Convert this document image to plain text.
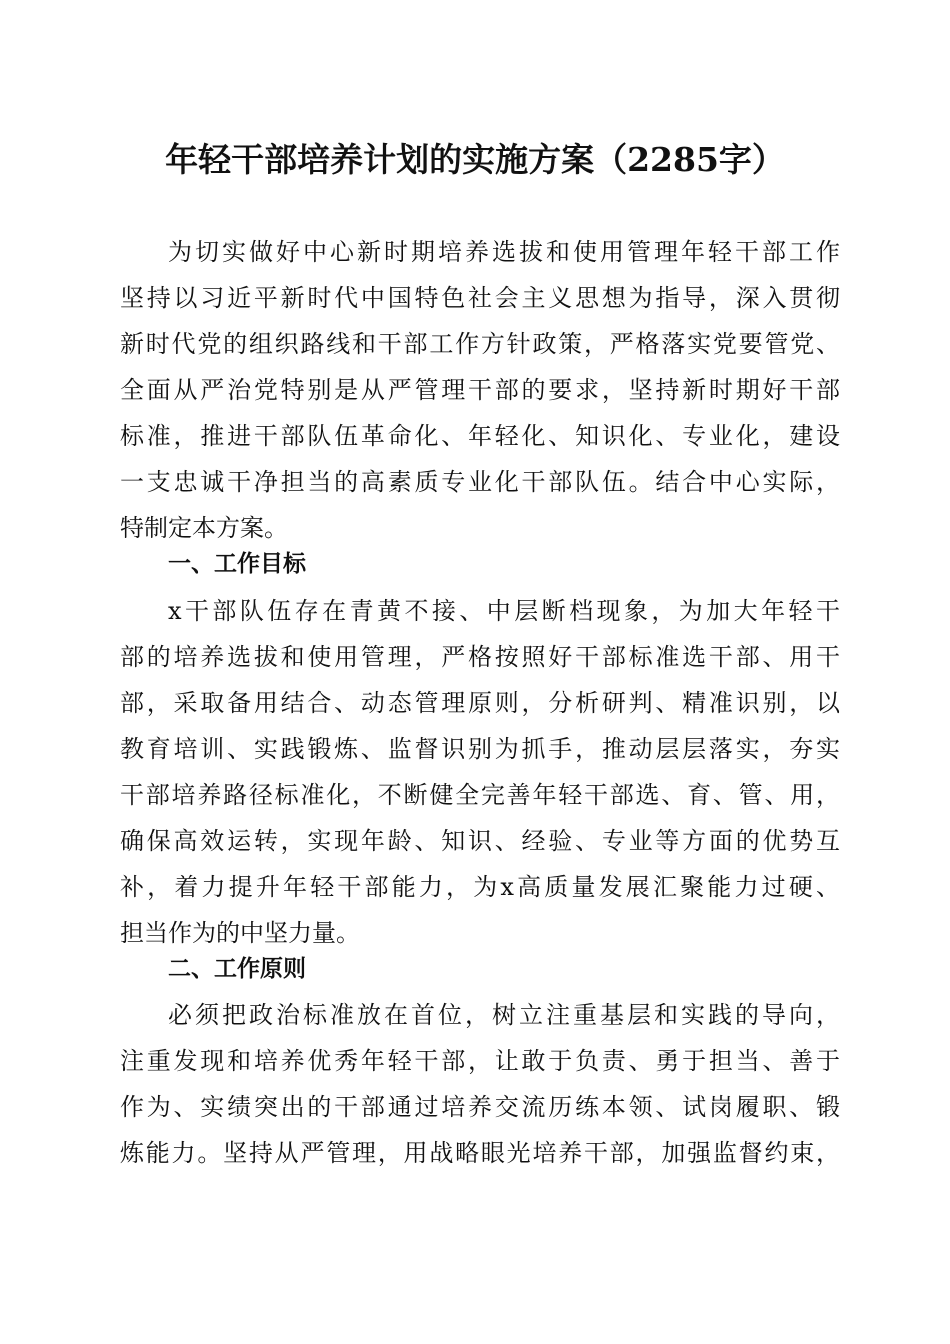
年轻干部培养计划的实施方案（2285字）

为切实做好中心新时期培养选拔和使用管理年轻干部工作

坚持以习近平新时代中国特色社会主义思想为指导，深入贯彻

新时代党的组织路线和干部工作方针政策，严格落实党要管党、

全面从严治党特别是从严管理干部的要求，坚持新时期好干部

标准，推进干部队伍革命化、年轻化、知识化、专业化，建设

一支忠诚干净担当的高素质专业化干部队伍。结合中心实际，

特制定本方案。

一、工作目标

x干部队伍存在青黄不接、中层断档现象，为加大年轻干

部的培养选拔和使用管理，严格按照好干部标准选干部、用干

部，采取备用结合、动态管理原则，分析研判、精准识别，以

教育培训、实践锻炼、监督识别为抓手，推动层层落实，夯实

干部培养路径标准化，不断健全完善年轻干部选、育、管、用，

确保高效运转，实现年龄、知识、经验、专业等方面的优势互

补，着力提升年轻干部能力，为x高质量发展汇聚能力过硬、

担当作为的中坚力量。

二、工作原则

必须把政治标准放在首位，树立注重基层和实践的导向，

注重发现和培养优秀年轻干部，让敢于负责、勇于担当、善于

作为、实绩突出的干部通过培养交流历练本领、试岗履职、锻

炼能力。坚持从严管理，用战略眼光培养干部，加强监督约束，
